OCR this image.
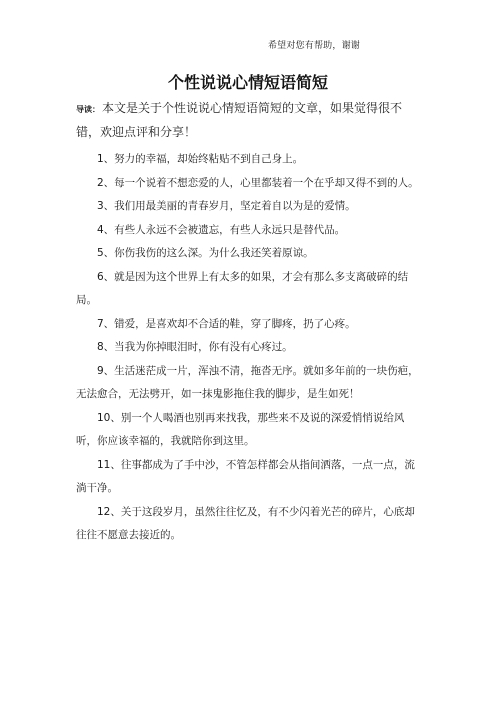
希望对您有帮助，谢谢
个性说说心情短语简短
导读： 本文是关于个性说说心情短语简短的文章，如果觉得很不错，欢迎点评和分享！

1、努力的幸福，却始终粘贴不到自己身上。

2、每一个说着不想恋爱的人，心里都装着一个在乎却又得不到的人。

3、我们用最美丽的青春岁月，坚定着自以为是的爱情。

4、有些人永远不会被遗忘，有些人永远只是替代品。

5、你伤我伤的这么深。为什么我还笑着原谅。

6、就是因为这个世界上有太多的如果，才会有那么多支离破碎的结局。

7、错爱，是喜欢却不合适的鞋，穿了脚疼，扔了心疼。

8、当我为你掉眼泪时，你有没有心疼过。

9、生活迷茫成一片，浑浊不清，拖沓无序。就如多年前的一块伤疤，无法愈合，无法劈开，如一抹鬼影拖住我的脚步，是生如死！

10、别一个人喝酒也别再来找我，那些来不及说的深爱悄悄说给风听，你应该幸福的，我就陪你到这里。

11、往事都成为了手中沙，不管怎样都会从指间洒落，一点一点，流淌干净。

12、关于这段岁月，虽然往往忆及，有不少闪着光芒的碎片，心底却往往不愿意去接近的。
